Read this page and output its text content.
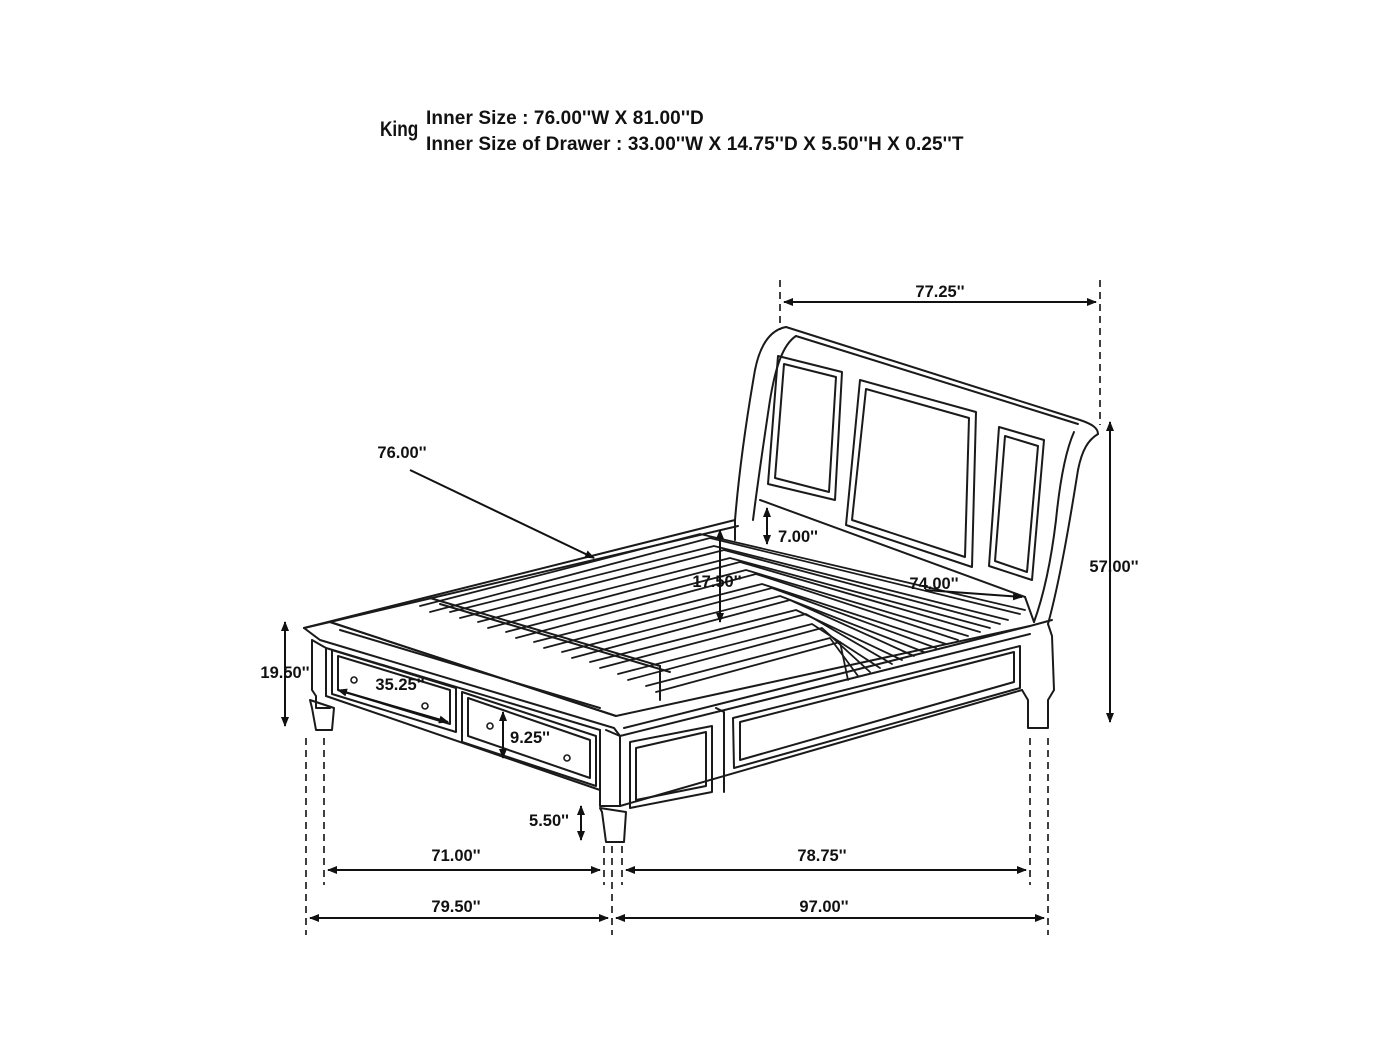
King Inner Size : 76.00''W X 81.00''D
Inner Size of Drawer : 33.00''W X 14.75''D X 5.50''H X 0.25''T
77.25''
57.00''
76.00''
74.00''
7.00''
17.50''
19.50''
35.25''
9.25''
5.50''
71.00''	78.75''
79.50''	97.00''
